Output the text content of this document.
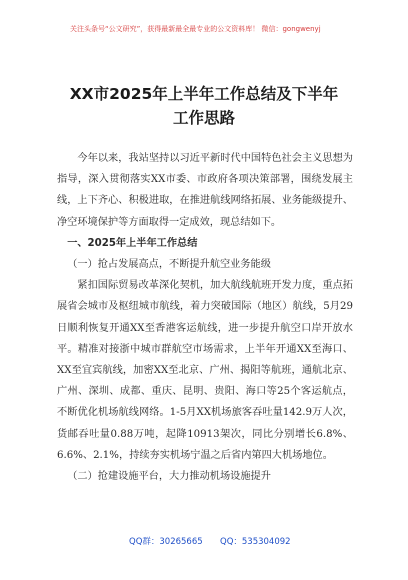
关注头条号“公文研究”，获得最新最全最专业的公文资料库！ 微信：gongwenyj
XX市2025年上半年工作总结及下半年
工作思路

今年以来，我站坚持以习近平新时代中国特色社会主义思想为指导，深入贯彻落实XX市委、市政府各项决策部署，围绕发展主线，上下齐心、积极进取，在推进航线网络拓展、业务能级提升、净空环境保护等方面取得一定成效，现总结如下。

一、2025年上半年工作总结

（一）抢占发展高点，不断提升航空业务能级

紧扣国际贸易改革深化契机，加大航线航班开发力度，重点拓展省会城市及枢纽城市航线，着力突破国际（地区）航线，5月29日顺利恢复开通XX至香港客运航线，进一步提升航空口岸开放水平。精准对接浙中城市群航空市场需求，上半年开通XX至海口、XX至宜宾航线，加密XX至北京、广州、揭阳等航班，通航北京、广州、深圳、成都、重庆、昆明、贵阳、海口等25个客运航点，不断优化机场航线网络。1-5月XX机场旅客吞吐量142.9万人次，货邮吞吐量0.88万吨，起降10913架次，同比分别增长6.8%、6.6%、2.1%，持续夯实机场宁温之后省内第四大机场地位。

（二）抢建设施平台，大力推动机场设施提升

QQ群：30265665 QQ：535304092
